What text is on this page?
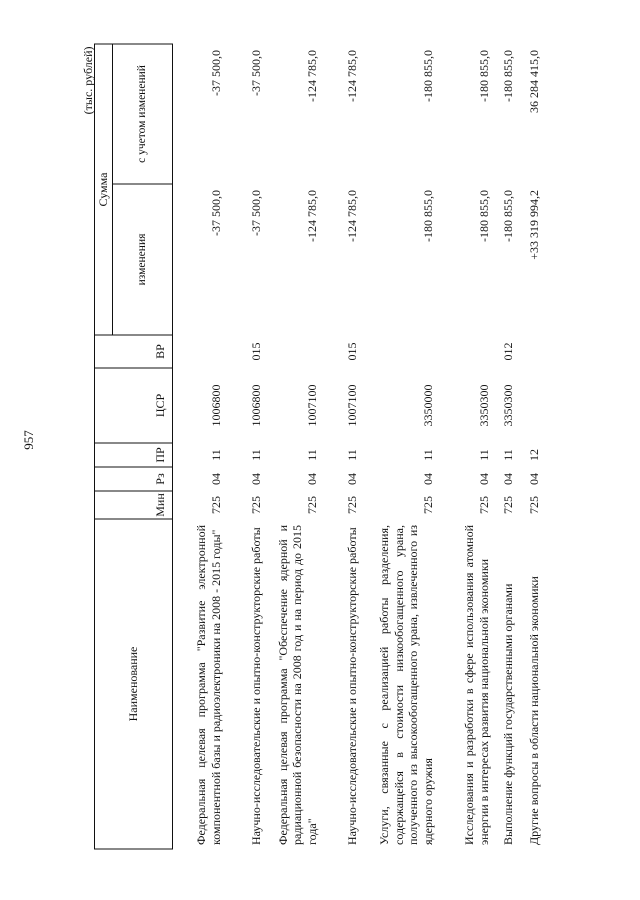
957
(тыс. рублей)
Наименование	Мин	Рз	ПР	ЦСР	ВР	Сумма	
						изменения	с учетом изменений
Федеральная целевая программа "Развитие электронной компонентной базы и радиоэлектроники на 2008 - 2015 годы"	725	04	11	1006800		-37 500,0	-37 500,0
Научно-исследовательские и опытно-конструкторские работы	725	04	11	1006800	015	-37 500,0	-37 500,0
Федеральная целевая программа "Обеспечение ядерной и радиационной безопасности на 2008 год и на период до 2015 года"	725	04	11	1007100		-124 785,0	-124 785,0
Научно-исследовательские и опытно-конструкторские работы	725	04	11	1007100	015	-124 785,0	-124 785,0
Услуги, связанные с реализацией работы разделения, содержащейся в стоимости низкообогащенного урана, полученного из высокообогащенного урана, извлеченного из ядерного оружия	725	04	11	3350000		-180 855,0	-180 855,0
Исследования и разработки в сфере использования атомной энергии в интересах развития национальной экономики	725	04	11	3350300		-180 855,0	-180 855,0
Выполнение функций государственными органами	725	04	11	3350300	012	-180 855,0	-180 855,0
Другие вопросы в области национальной экономики	725	04	12			+33 319 994,2	36 284 415,0
